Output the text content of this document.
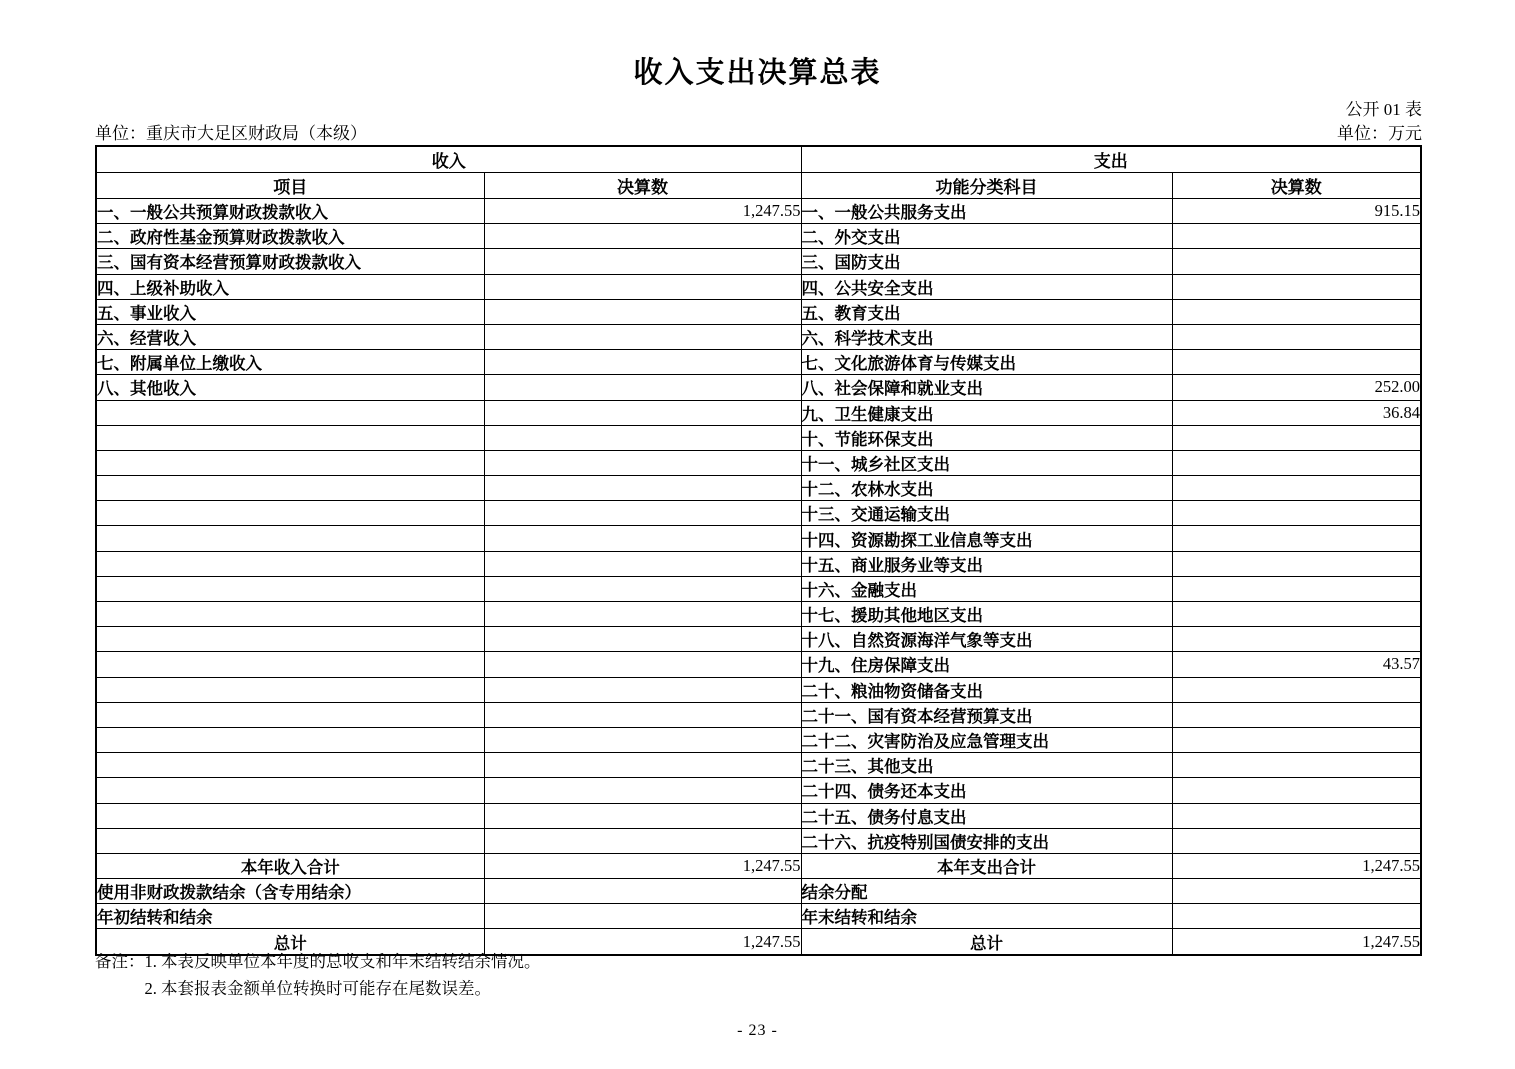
收入支出决算总表
公开 01 表
单位：重庆市大足区财政局（本级）	单位：万元
收入		支出	
项目	决算数	功能分类科目	决算数
一、一般公共预算财政拨款收入	1,247.55	一、一般公共服务支出	915.15
二、政府性基金预算财政拨款收入		二、外交支出	
三、国有资本经营预算财政拨款收入		三、国防支出	
四、上级补助收入		四、公共安全支出	
五、事业收入		五、教育支出	
六、经营收入		六、科学技术支出	
七、附属单位上缴收入		七、文化旅游体育与传媒支出	
八、其他收入		八、社会保障和就业支出	252.00
		九、卫生健康支出	36.84
		十、节能环保支出	
		十一、城乡社区支出	
		十二、农林水支出	
		十三、交通运输支出	
		十四、资源勘探工业信息等支出	
		十五、商业服务业等支出	
		十六、金融支出	
		十七、援助其他地区支出	
		十八、自然资源海洋气象等支出	
		十九、住房保障支出	43.57
		二十、粮油物资储备支出	
		二十一、国有资本经营预算支出	
		二十二、灾害防治及应急管理支出	
		二十三、其他支出	
		二十四、债务还本支出	
		二十五、债务付息支出	
		二十六、抗疫特别国债安排的支出	
本年收入合计	1,247.55	本年支出合计	1,247.55
使用非财政拨款结余（含专用结余）		结余分配	
年初结转和结余		年末结转和结余	
总计	1,247.55	总计	1,247.55
备注： 1. 本表反映单位本年度的总收支和年末结转结余情况。
2. 本套报表金额单位转换时可能存在尾数误差。
- 23 -
